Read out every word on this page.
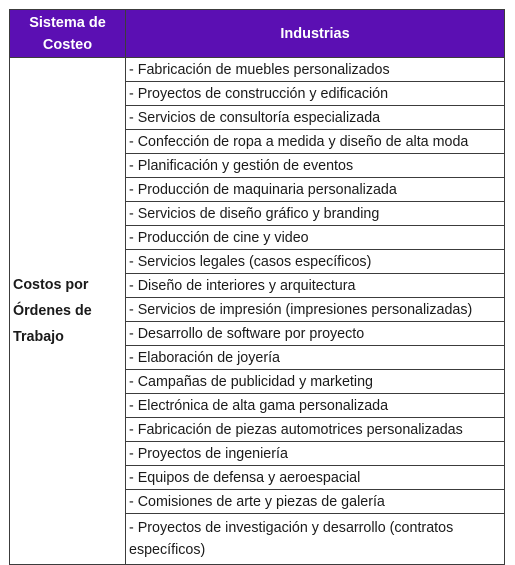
Sistema de Costeo	Industrias
Costos por Órdenes de Trabajo	- Fabricación de muebles personalizados
	- Proyectos de construcción y edificación
	- Servicios de consultoría especializada
	- Confección de ropa a medida y diseño de alta moda
	- Planificación y gestión de eventos
	- Producción de maquinaria personalizada
	- Servicios de diseño gráfico y branding
	- Producción de cine y video
	- Servicios legales (casos específicos)
	- Diseño de interiores y arquitectura
	- Servicios de impresión (impresiones personalizadas)
	- Desarrollo de software por proyecto
	- Elaboración de joyería
	- Campañas de publicidad y marketing
	- Electrónica de alta gama personalizada
	- Fabricación de piezas automotrices personalizadas
	- Proyectos de ingeniería
	- Equipos de defensa y aeroespacial
	- Comisiones de arte y piezas de galería
	- Proyectos de investigación y desarrollo (contratos específicos)
